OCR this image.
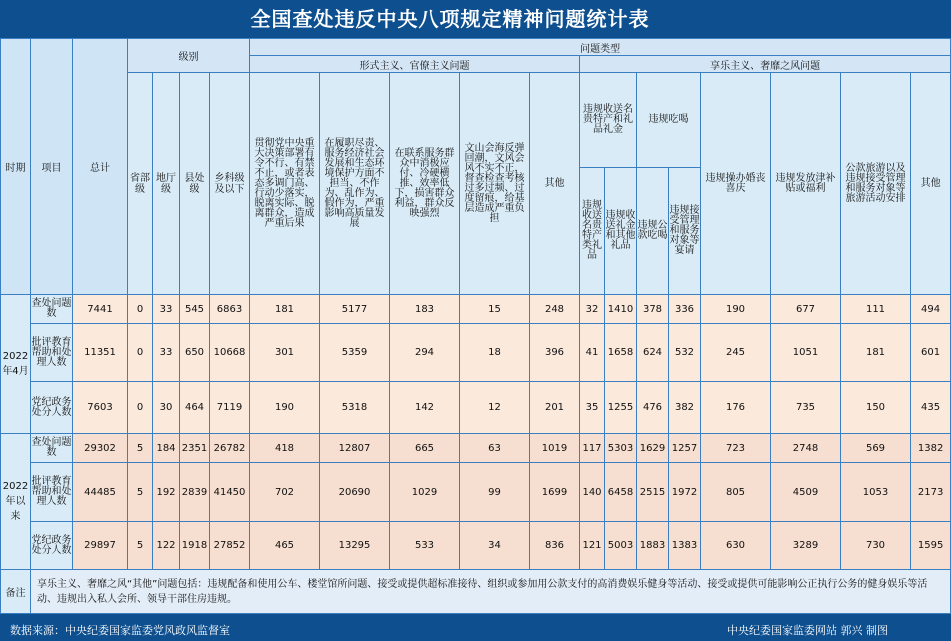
全国查处违反中央八项规定精神问题统计表
时期	项目	总计	级别				问题类型												
							形式主义、官僚主义问题					享乐主义、奢靡之风问题							
			省部级	地厅级	县处级	乡科级及以下	贯彻党中央重大决策部署有令不行、有禁不止，或者表态多调门高、行动少落实，脱离实际、脱离群众，造成严重后果	在履职尽责、服务经济社会发展和生态环境保护方面不担当、不作为、乱作为、假作为，严重影响高质量发展	在联系服务群众中消极应付、冷硬横推、效率低下，损害群众利益，群众反映强烈	文山会海反弹回潮，文风会风不实不正，督查检查考核过多过频、过度留痕，给基层造成严重负担	其他	违规收送名贵特产和礼品礼金		违规吃喝		违规操办婚丧喜庆	违规发放津补贴或福利	公款旅游以及违规接受管理和服务对象等旅游活动安排	其他
												违规收送名贵特产类礼品	违规收送礼金和其他礼品	违规公款吃喝	违规接受管理和服务对象等宴请				
2022年4月	查处问题数	7441	0	33	545	6863	181	5177	183	15	248	32	1410	378	336	190	677	111	494
	批评教育帮助和处理人数	11351	0	33	650	10668	301	5359	294	18	396	41	1658	624	532	245	1051	181	601
	党纪政务处分人数	7603	0	30	464	7119	190	5318	142	12	201	35	1255	476	382	176	735	150	435
2022年以来	查处问题数	29302	5	184	2351	26782	418	12807	665	63	1019	117	5303	1629	1257	723	2748	569	1382
	批评教育帮助和处理人数	44485	5	192	2839	41450	702	20690	1029	99	1699	140	6458	2515	1972	805	4509	1053	2173
	党纪政务处分人数	29897	5	122	1918	27852	465	13295	533	34	836	121	5003	1883	1383	630	3289	730	1595
备注	享乐主义、奢靡之风“其他”问题包括：违规配备和使用公车、楼堂馆所问题、接受或提供超标准接待、组织或参加用公款支付的高消费娱乐健身等活动、接受或提供可能影响公正执行公务的健身娱乐等活动、违规出入私人会所、领导干部住房违规。																		
数据来源：中央纪委国家监委党风政风监督室	中央纪委国家监委网站 郭兴 制图
